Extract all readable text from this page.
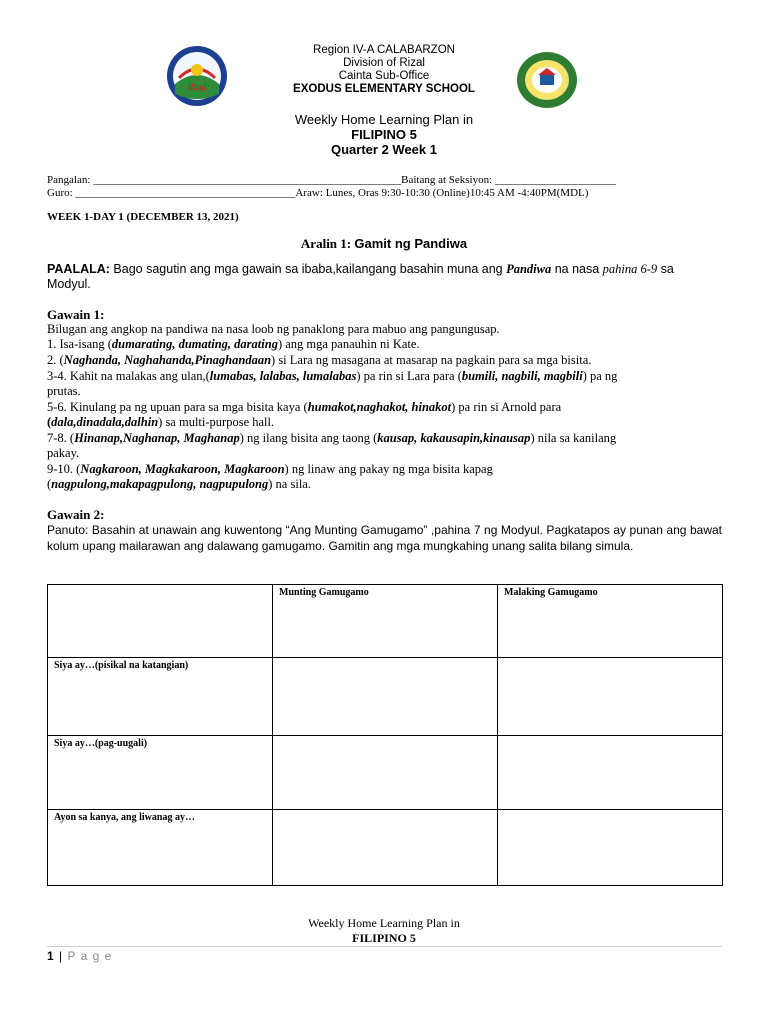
Rizal
Region IV-A CALABARZON
Division of Rizal
Cainta Sub-Office
EXODUS ELEMENTARY SCHOOL
Weekly Home Learning Plan in
FILIPINO 5
Quarter 2 Week 1
Pangalan: ________________________________________________________Baitang at Seksiyon: ______________________
Guro: ________________________________________Araw: Lunes, Oras 9:30-10:30 (Online)10:45 AM -4:40PM(MDL)
WEEK 1-DAY 1 (DECEMBER 13, 2021)
Aralin 1: Gamit ng Pandiwa
PAALALA: Bago sagutin ang mga gawain sa ibaba,kailangang basahin muna ang Pandiwa na nasa pahina 6-9 sa
Modyul.
Gawain 1:
Bilugan ang angkop na pandiwa na nasa loob ng panaklong para mabuo ang pangungusap.
1. Isa-isang (dumarating, dumating, darating) ang mga panauhin ni Kate.
2. (Naghanda, Naghahanda,Pinaghandaan) si Lara ng masagana at masarap na pagkain para sa mga bisita.
3-4. Kahit na malakas ang ulan,(lumabas, lalabas, lumalabas) pa rin si Lara para (bumili, nagbili, magbili) pa ng
prutas.
5-6. Kinulang pa ng upuan para sa mga bisita kaya (humakot,naghakot, hinakot) pa rin si Arnold para
(dala,dinadala,dalhin) sa multi-purpose hall.
7-8. (Hinanap,Naghanap, Maghanap) ng ilang bisita ang taong (kausap, kakausapin,kinausap) nila sa kanilang
pakay.
9-10. (Nagkaroon, Magkakaroon, Magkaroon) ng linaw ang pakay ng mga bisita kapag
(nagpulong,makapagpulong, nagpupulong) na sila.
Gawain 2:
Panuto: Basahin at unawain ang kuwentong “Ang Munting Gamugamo” ,pahina 7 ng Modyul. Pagkatapos ay punan ang bawat kolum upang mailarawan ang dalawang gamugamo. Gamitin ang mga mungkahing unang salita bilang simula.
	Munting Gamugamo	Malaking Gamugamo
Siya ay…(pisikal na katangian)		
Siya ay…(pag-uugali)		
Ayon sa kanya, ang liwanag ay…		
Weekly Home Learning Plan in
FILIPINO 5
1 | P a g e
